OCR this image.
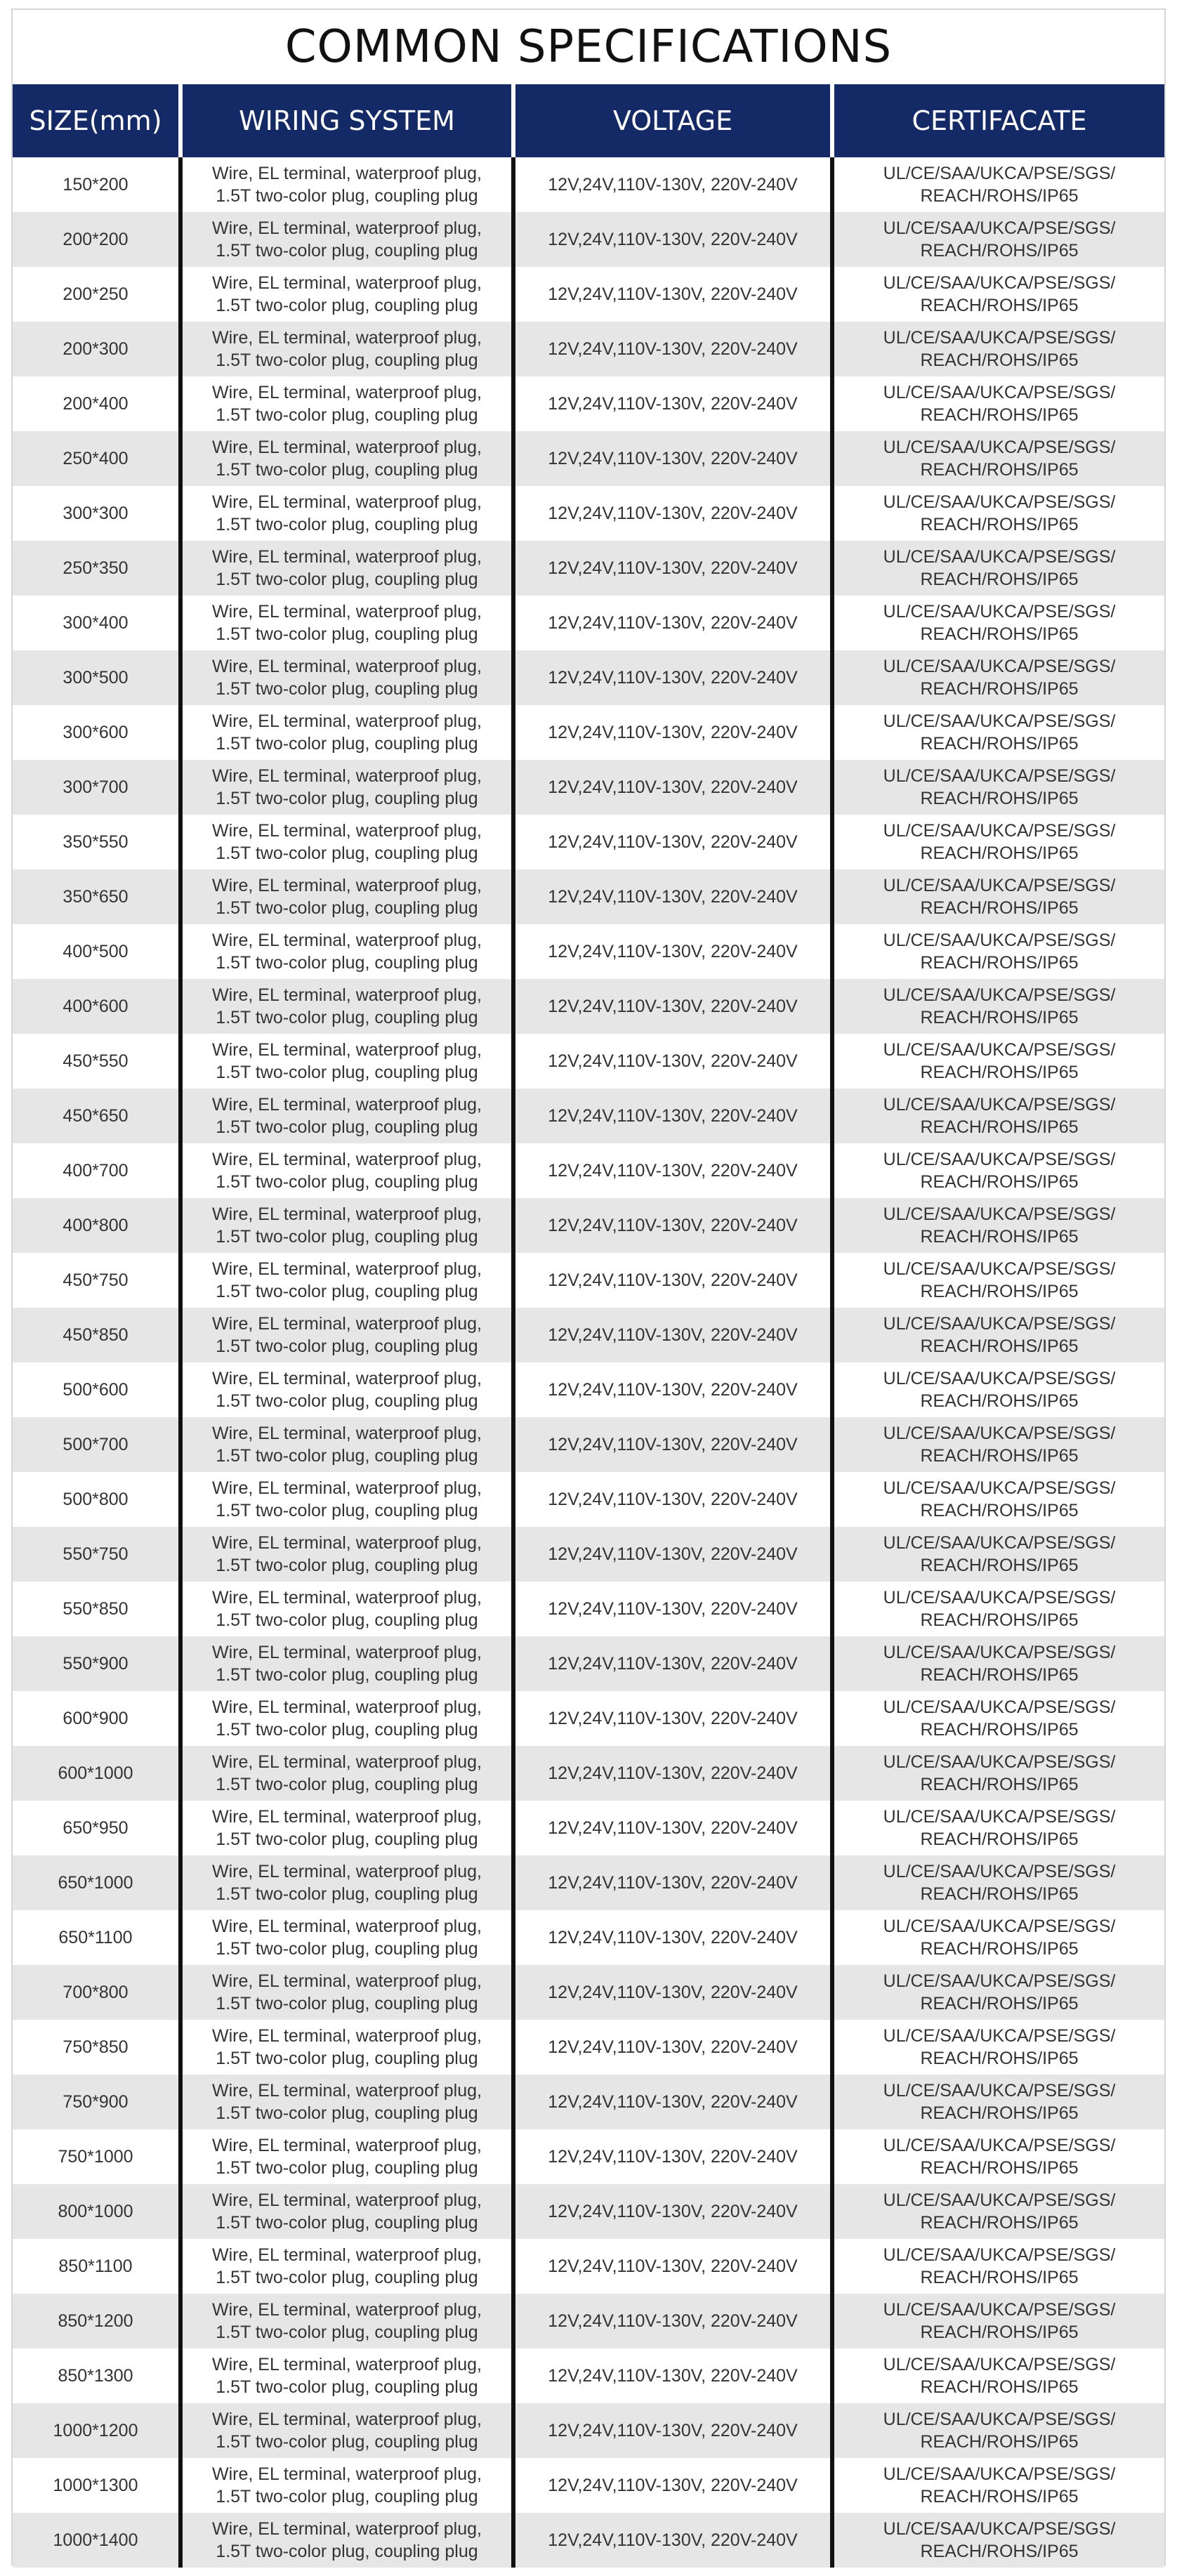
COMMON SPECIFICATIONS
SIZE(mm)	WIRING SYSTEM	VOLTAGE	CERTIFACATE
150*200	Wire, EL terminal, waterproof plug,
1.5T two-color plug, coupling plug	12V,24V,110V-130V, 220V-240V	UL/CE/SAA/UKCA/PSE/SGS/
REACH/ROHS/IP65

200*200	Wire, EL terminal, waterproof plug,
1.5T two-color plug, coupling plug	12V,24V,110V-130V, 220V-240V	UL/CE/SAA/UKCA/PSE/SGS/
REACH/ROHS/IP65

200*250	Wire, EL terminal, waterproof plug,
1.5T two-color plug, coupling plug	12V,24V,110V-130V, 220V-240V	UL/CE/SAA/UKCA/PSE/SGS/
REACH/ROHS/IP65

200*300	Wire, EL terminal, waterproof plug,
1.5T two-color plug, coupling plug	12V,24V,110V-130V, 220V-240V	UL/CE/SAA/UKCA/PSE/SGS/
REACH/ROHS/IP65

200*400	Wire, EL terminal, waterproof plug,
1.5T two-color plug, coupling plug	12V,24V,110V-130V, 220V-240V	UL/CE/SAA/UKCA/PSE/SGS/
REACH/ROHS/IP65

250*400	Wire, EL terminal, waterproof plug,
1.5T two-color plug, coupling plug	12V,24V,110V-130V, 220V-240V	UL/CE/SAA/UKCA/PSE/SGS/
REACH/ROHS/IP65

300*300	Wire, EL terminal, waterproof plug,
1.5T two-color plug, coupling plug	12V,24V,110V-130V, 220V-240V	UL/CE/SAA/UKCA/PSE/SGS/
REACH/ROHS/IP65

250*350	Wire, EL terminal, waterproof plug,
1.5T two-color plug, coupling plug	12V,24V,110V-130V, 220V-240V	UL/CE/SAA/UKCA/PSE/SGS/
REACH/ROHS/IP65

300*400	Wire, EL terminal, waterproof plug,
1.5T two-color plug, coupling plug	12V,24V,110V-130V, 220V-240V	UL/CE/SAA/UKCA/PSE/SGS/
REACH/ROHS/IP65

300*500	Wire, EL terminal, waterproof plug,
1.5T two-color plug, coupling plug	12V,24V,110V-130V, 220V-240V	UL/CE/SAA/UKCA/PSE/SGS/
REACH/ROHS/IP65

300*600	Wire, EL terminal, waterproof plug,
1.5T two-color plug, coupling plug	12V,24V,110V-130V, 220V-240V	UL/CE/SAA/UKCA/PSE/SGS/
REACH/ROHS/IP65

300*700	Wire, EL terminal, waterproof plug,
1.5T two-color plug, coupling plug	12V,24V,110V-130V, 220V-240V	UL/CE/SAA/UKCA/PSE/SGS/
REACH/ROHS/IP65

350*550	Wire, EL terminal, waterproof plug,
1.5T two-color plug, coupling plug	12V,24V,110V-130V, 220V-240V	UL/CE/SAA/UKCA/PSE/SGS/
REACH/ROHS/IP65

350*650	Wire, EL terminal, waterproof plug,
1.5T two-color plug, coupling plug	12V,24V,110V-130V, 220V-240V	UL/CE/SAA/UKCA/PSE/SGS/
REACH/ROHS/IP65

400*500	Wire, EL terminal, waterproof plug,
1.5T two-color plug, coupling plug	12V,24V,110V-130V, 220V-240V	UL/CE/SAA/UKCA/PSE/SGS/
REACH/ROHS/IP65

400*600	Wire, EL terminal, waterproof plug,
1.5T two-color plug, coupling plug	12V,24V,110V-130V, 220V-240V	UL/CE/SAA/UKCA/PSE/SGS/
REACH/ROHS/IP65

450*550	Wire, EL terminal, waterproof plug,
1.5T two-color plug, coupling plug	12V,24V,110V-130V, 220V-240V	UL/CE/SAA/UKCA/PSE/SGS/
REACH/ROHS/IP65

450*650	Wire, EL terminal, waterproof plug,
1.5T two-color plug, coupling plug	12V,24V,110V-130V, 220V-240V	UL/CE/SAA/UKCA/PSE/SGS/
REACH/ROHS/IP65

400*700	Wire, EL terminal, waterproof plug,
1.5T two-color plug, coupling plug	12V,24V,110V-130V, 220V-240V	UL/CE/SAA/UKCA/PSE/SGS/
REACH/ROHS/IP65

400*800	Wire, EL terminal, waterproof plug,
1.5T two-color plug, coupling plug	12V,24V,110V-130V, 220V-240V	UL/CE/SAA/UKCA/PSE/SGS/
REACH/ROHS/IP65

450*750	Wire, EL terminal, waterproof plug,
1.5T two-color plug, coupling plug	12V,24V,110V-130V, 220V-240V	UL/CE/SAA/UKCA/PSE/SGS/
REACH/ROHS/IP65

450*850	Wire, EL terminal, waterproof plug,
1.5T two-color plug, coupling plug	12V,24V,110V-130V, 220V-240V	UL/CE/SAA/UKCA/PSE/SGS/
REACH/ROHS/IP65

500*600	Wire, EL terminal, waterproof plug,
1.5T two-color plug, coupling plug	12V,24V,110V-130V, 220V-240V	UL/CE/SAA/UKCA/PSE/SGS/
REACH/ROHS/IP65

500*700	Wire, EL terminal, waterproof plug,
1.5T two-color plug, coupling plug	12V,24V,110V-130V, 220V-240V	UL/CE/SAA/UKCA/PSE/SGS/
REACH/ROHS/IP65

500*800	Wire, EL terminal, waterproof plug,
1.5T two-color plug, coupling plug	12V,24V,110V-130V, 220V-240V	UL/CE/SAA/UKCA/PSE/SGS/
REACH/ROHS/IP65

550*750	Wire, EL terminal, waterproof plug,
1.5T two-color plug, coupling plug	12V,24V,110V-130V, 220V-240V	UL/CE/SAA/UKCA/PSE/SGS/
REACH/ROHS/IP65

550*850	Wire, EL terminal, waterproof plug,
1.5T two-color plug, coupling plug	12V,24V,110V-130V, 220V-240V	UL/CE/SAA/UKCA/PSE/SGS/
REACH/ROHS/IP65

550*900	Wire, EL terminal, waterproof plug,
1.5T two-color plug, coupling plug	12V,24V,110V-130V, 220V-240V	UL/CE/SAA/UKCA/PSE/SGS/
REACH/ROHS/IP65

600*900	Wire, EL terminal, waterproof plug,
1.5T two-color plug, coupling plug	12V,24V,110V-130V, 220V-240V	UL/CE/SAA/UKCA/PSE/SGS/
REACH/ROHS/IP65

600*1000	Wire, EL terminal, waterproof plug,
1.5T two-color plug, coupling plug	12V,24V,110V-130V, 220V-240V	UL/CE/SAA/UKCA/PSE/SGS/
REACH/ROHS/IP65

650*950	Wire, EL terminal, waterproof plug,
1.5T two-color plug, coupling plug	12V,24V,110V-130V, 220V-240V	UL/CE/SAA/UKCA/PSE/SGS/
REACH/ROHS/IP65

650*1000	Wire, EL terminal, waterproof plug,
1.5T two-color plug, coupling plug	12V,24V,110V-130V, 220V-240V	UL/CE/SAA/UKCA/PSE/SGS/
REACH/ROHS/IP65

650*1100	Wire, EL terminal, waterproof plug,
1.5T two-color plug, coupling plug	12V,24V,110V-130V, 220V-240V	UL/CE/SAA/UKCA/PSE/SGS/
REACH/ROHS/IP65

700*800	Wire, EL terminal, waterproof plug,
1.5T two-color plug, coupling plug	12V,24V,110V-130V, 220V-240V	UL/CE/SAA/UKCA/PSE/SGS/
REACH/ROHS/IP65

750*850	Wire, EL terminal, waterproof plug,
1.5T two-color plug, coupling plug	12V,24V,110V-130V, 220V-240V	UL/CE/SAA/UKCA/PSE/SGS/
REACH/ROHS/IP65

750*900	Wire, EL terminal, waterproof plug,
1.5T two-color plug, coupling plug	12V,24V,110V-130V, 220V-240V	UL/CE/SAA/UKCA/PSE/SGS/
REACH/ROHS/IP65

750*1000	Wire, EL terminal, waterproof plug,
1.5T two-color plug, coupling plug	12V,24V,110V-130V, 220V-240V	UL/CE/SAA/UKCA/PSE/SGS/
REACH/ROHS/IP65

800*1000	Wire, EL terminal, waterproof plug,
1.5T two-color plug, coupling plug	12V,24V,110V-130V, 220V-240V	UL/CE/SAA/UKCA/PSE/SGS/
REACH/ROHS/IP65

850*1100	Wire, EL terminal, waterproof plug,
1.5T two-color plug, coupling plug	12V,24V,110V-130V, 220V-240V	UL/CE/SAA/UKCA/PSE/SGS/
REACH/ROHS/IP65

850*1200	Wire, EL terminal, waterproof plug,
1.5T two-color plug, coupling plug	12V,24V,110V-130V, 220V-240V	UL/CE/SAA/UKCA/PSE/SGS/
REACH/ROHS/IP65

850*1300	Wire, EL terminal, waterproof plug,
1.5T two-color plug, coupling plug	12V,24V,110V-130V, 220V-240V	UL/CE/SAA/UKCA/PSE/SGS/
REACH/ROHS/IP65

1000*1200	Wire, EL terminal, waterproof plug,
1.5T two-color plug, coupling plug	12V,24V,110V-130V, 220V-240V	UL/CE/SAA/UKCA/PSE/SGS/
REACH/ROHS/IP65

1000*1300	Wire, EL terminal, waterproof plug,
1.5T two-color plug, coupling plug	12V,24V,110V-130V, 220V-240V	UL/CE/SAA/UKCA/PSE/SGS/
REACH/ROHS/IP65

1000*1400	Wire, EL terminal, waterproof plug,
1.5T two-color plug, coupling plug	12V,24V,110V-130V, 220V-240V	UL/CE/SAA/UKCA/PSE/SGS/
REACH/ROHS/IP65
